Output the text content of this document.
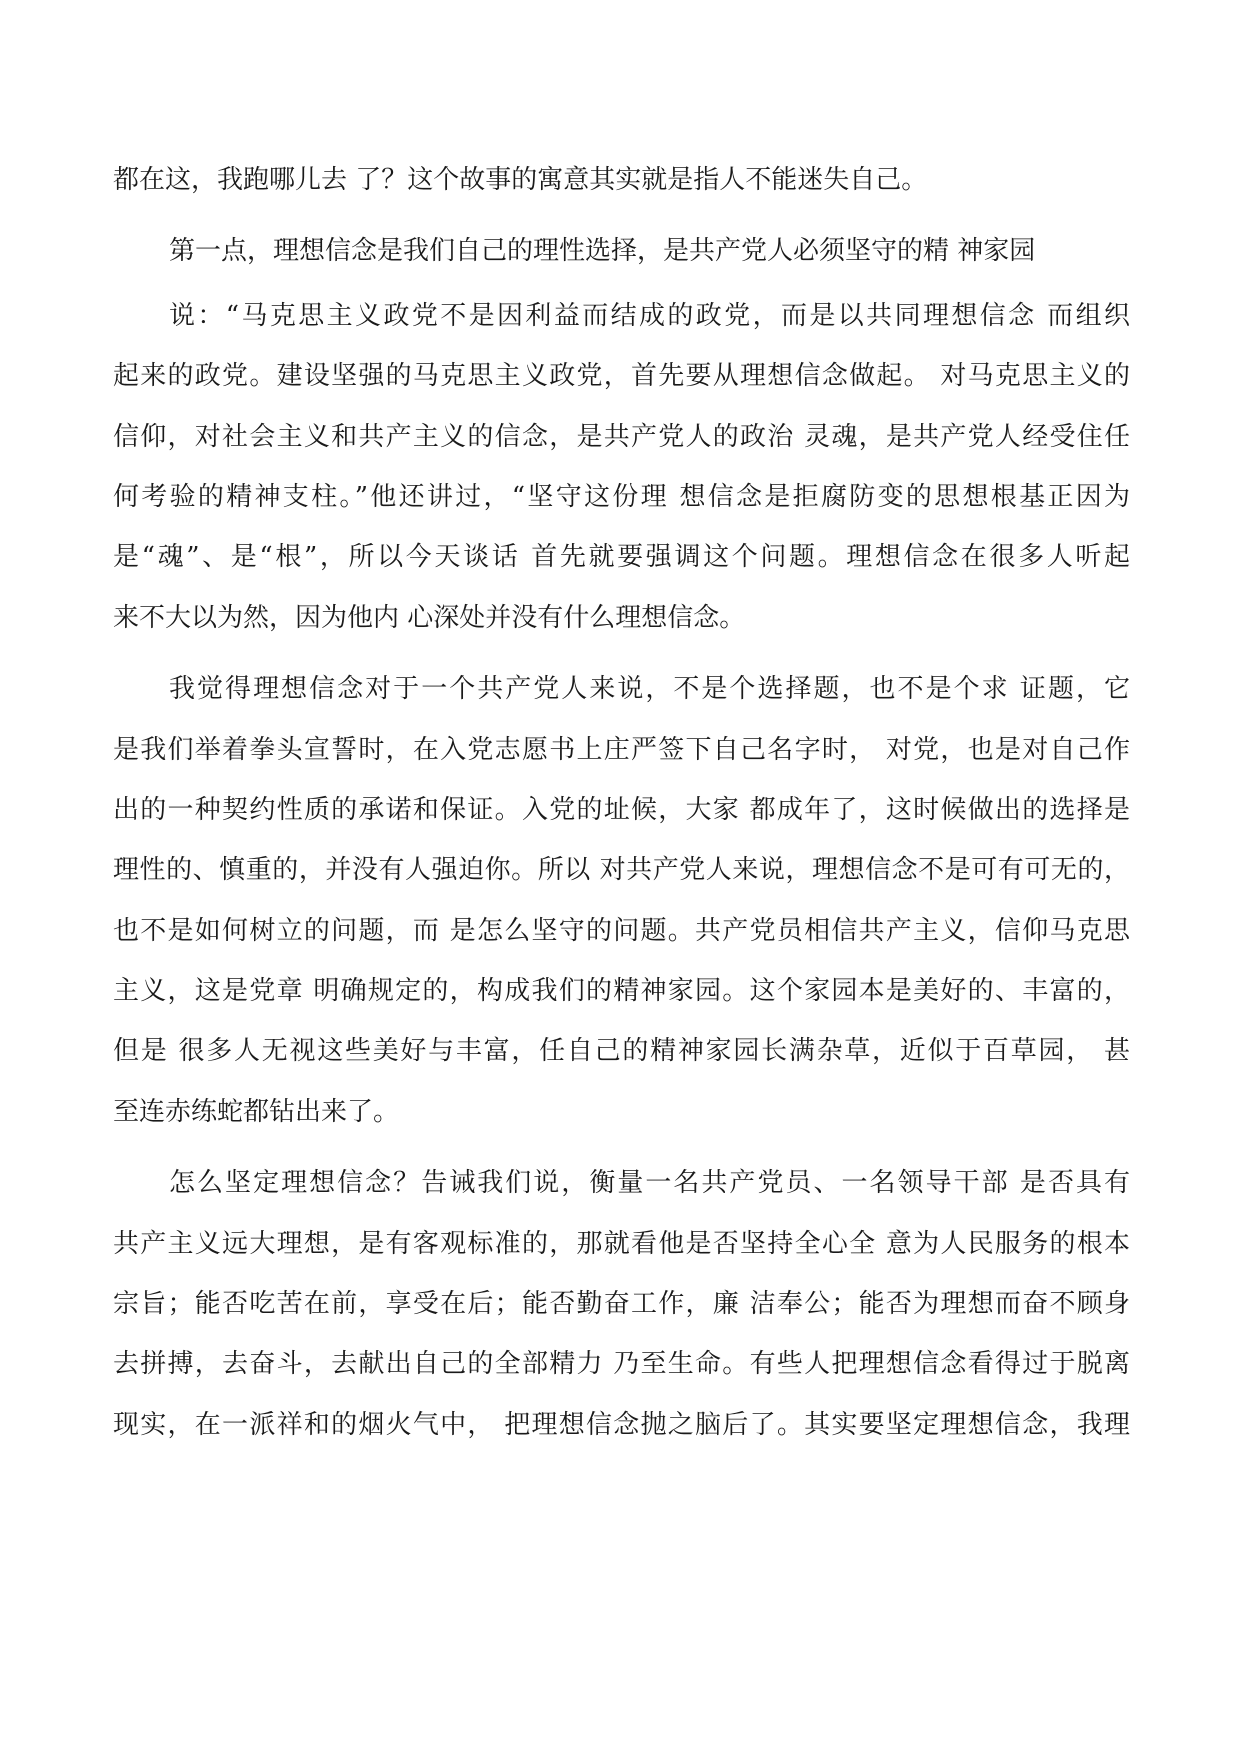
都在这，我跑哪儿去 了？这个故事的寓意其实就是指人不能迷失自己。
第一点，理想信念是我们自己的理性选择，是共产党人必须坚守的精 神家园
说：“马克思主义政党不是因利益而结成的政党，而是以共同理想信念 而组织
起来的政党。建设坚强的马克思主义政党，首先要从理想信念做起。 对马克思主义的
信仰，对社会主义和共产主义的信念，是共产党人的政治 灵魂，是共产党人经受住任
何考验的精神支柱。”他还讲过，“坚守这份理 想信念是拒腐防变的思想根基正因为
是“魂”、是“根”，所以今天谈话 首先就要强调这个问题。理想信念在很多人听起
来不大以为然，因为他内 心深处并没有什么理想信念。
我觉得理想信念对于一个共产党人来说，不是个选择题，也不是个求 证题，它
是我们举着拳头宣誓时，在入党志愿书上庄严签下自己名字时， 对党，也是对自己作
出的一种契约性质的承诺和保证。入党的址候，大家 都成年了，这时候做出的选择是
理性的、慎重的，并没有人强迫你。所以 对共产党人来说，理想信念不是可有可无的，
也不是如何树立的问题，而 是怎么坚守的问题。共产党员相信共产主义，信仰马克思
主义，这是党章 明确规定的，构成我们的精神家园。这个家园本是美好的、丰富的，
但是 很多人无视这些美好与丰富，任自己的精神家园长满杂草，近似于百草园， 甚
至连赤练蛇都钻出来了。
怎么坚定理想信念？告诫我们说，衡量一名共产党员、一名领导干部 是否具有
共产主义远大理想，是有客观标准的，那就看他是否坚持全心全 意为人民服务的根本
宗旨；能否吃苦在前，享受在后；能否勤奋工作，廉 洁奉公；能否为理想而奋不顾身
去拼搏，去奋斗，去献出自己的全部精力 乃至生命。有些人把理想信念看得过于脱离
现实，在一派祥和的烟火气中， 把理想信念抛之脑后了。其实要坚定理想信念，我理
